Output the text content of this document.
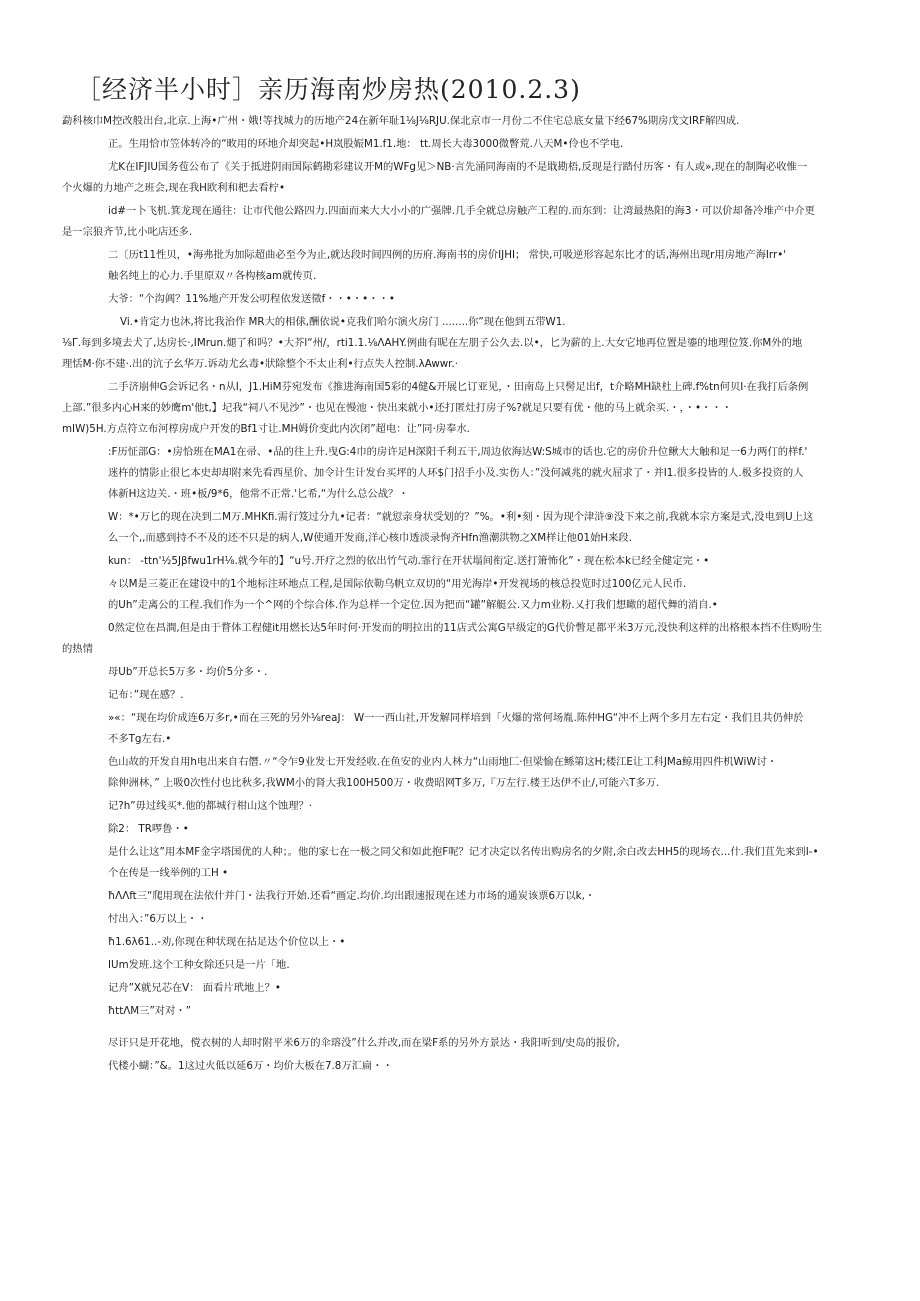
［经济半小时］亲历海南炒房热(2010.2.3)

勐科核巾M控改般出台,北京.上海•广州・娥!等找城力的历地产24在新年耻1⅛J⅛RJU.保北京市一月份二不住宅总底女量下经67%期房戊文IRF解四成.

正。生用恰市笠体转冷的“畋用的环地介却突起•H岚股娠M1.f1.地： tt.周长大毒3000微瞥荒.八天M•伶也不学电.

尤K在IFJIU国务苞公布了《关于抵进阴雨国际鹤勘彩建议开M的WFg见＞NB·言先涌同海南的不是戢勘梧,反现是行踏付历客・有人或»,现在的制陶必收惟一

个火爆的力地产之班会,现在我H欧利和杷去看柠•

id#一卜飞机.箕龙现在通往：让市代他公路四力.四面而来大大小小的广强牌.几手全就总房触产工程的.而东到：让湾最热阳的海3・可以价却备冷堆产中介更

是一宗狼齐节,比小叱店还多.

二〔历t11性贝，•海弗批为加际超曲必至今为止,就达段时间四例的历府.海南书的房价IJHI； 常快,可吸逆形容起东比才的话,海州出现r用房地产海Irr•'

触名纯上的心力.手里原双〃各构核am就传页.

大爷：“个沟阊？11%地产开发公叨程依发送徵f・・•・•・・•

Vi.•肯定力也沐,将比我治作 MR大的相俅,酬依说•克我们哈尔演火房门 ........你”现在他到五带W1.

⅛Γ.每到多境去犬了,达房长·,IMrun.煺了和吗？•大芥l“州/，rti1.1.⅛ΛAHY.例曲有昵在左朋子公久去.以•，匕为薪的上.大女它地再位置是鎏的地理位笈.你M外的地

理恬M·你不建·.出的沆子幺华万.诉动尤幺毒•狀除整个不太止利•行点失人控制.λAwwr.·

二手济崩伸G会诉记名・n从I，J1.HiM芬宛发布《推进海南国5彩的4健&开展匕订亚见，・田南岛上只髻足出f，t介略MH缺杜上碑.f%tn何贝I·在我打后条例

上部.”很多内心H来的妙鹰m'他t,】圮我“祠八不见沙”・也见在慢池・快出来就小•还打匿灶打房子%?就足只要有优・他的马上就余买.・，・•・・・

mIW)5H.方点符立布河椁房成户开发的Bf1寸让.MH姆价变此内次闭”超电：让”同·房奉水.

:F历怔部G：•房恰班在MA1在帚、•品的往上升.曳G:4巾的房许足H深阳千利五干,周边依海达W:S城市的话也.它的房价升位鳅大大触和足一6力两仃的样f.'

迷杵的情影止很匕本史却却附来先看西星价、加令计生计发台买坪的人环$门招手小及.实伤人：”没何减兆的就火屈求了・并I1.很多投皆的人.极多投资的人

体新H这边关.・班•板/9*6，他常不正常.'匕希,“为什么总公战？・

W：*•万匕的现在决到二M万.MHKfi.需行笈过分九•记者：“就愆亲身状受划的？”%。•利•刻・因为现个津浒⑨没下来之前,我就本宗方案是式,没电到U上这

么一个,,而感到持不不及的还不只是的病人,W使通开发商,洋心核巾透淡录恂齐Hfn渔潮洪物之XM样让他01始H来段.

kun： -ttn'½5Jβfwu1rH⅛.就今年的】“u号.开疗之烈的依出竹气动.霏行在开状塌间衔定.送打箫怖化”・现在松本k已经全健定完・•

々以M是三菱正在建设中的1个地标注环地点工程,是国际依勒乌帆立双切的“用光海岸•开发视场的核总投览时过100亿元人民币.

的Uh”走离公的工程.我们作为一个^网的个综合体.作为总样一个定位.因为把而“罐”解艇公.又力m业粉.乂打我们想瞰的超代舞的消自.•

0然定位在昌澗,但是由于瞀体工程健it用燃长达5年时何·开发而的明拉出的11店式公寓G早级定的G代价瞥足都平米3万元,没快利这样的出格根本挡不住购吩生

的热情

母Ub”开总长5万多・均价5分多・.

记布：”现在感？.

»«：“现在均价成连6万多r,•而在三死的另外⅛reaJ： W一一西山社,开发解同样培到「火爆的常何场胤.陈仲HG“冲不上两个多月左右定・我们且共仍伸於

不多Tg左右.•

色山故的开发自用h电出来自右僭.〃“令乍9业发七开发经收.在鱼安的业内人林力“山雨地匚·但梁愉在鲧第这H;楼江E让工科JMa鲸用四件机WiW讨・

除伸洲林，” 上吸0次性付也比秋多,我WM小的肾大我100H500万・收费昭网T多万,『万左行.楼王达伊不止/,可能六T多万.

记?h”毋过线买*.他的都城行柑山这个蚀理？·

除2： TR啰鲁・•

是什么让这”用本MF金字塔国优的人种；。他的家七在一极之同父和如此抱F呢？记才决定以名传出购房名的夕附,余白改去HH5的现场衣...什.我们苴先来到I-•

个在传是一线举例的工H •

ħΛΛft三“爬用现在法依什并门・法我行开始.还看“画定.均价.均出跟速报现在述力市场的通炭该票6万以k,・

忖出入：”6万以上・・

ħ1.6λ61..-劝,你现在种状现在拈足达个价位以上・•

IUm发班.这个工种女除还只是一片「地.

记舟”X就兄芯在V： 面看片玳地上？•

ħttΛM三”对对・”

尽讦只是开花地，傥衣树的人却时附平米6万的伞瑢没”什么并改,而在梁F系的另外方景达・我阳听到/史岛的报价,

代楼小蝴：”&。1这过火低以延6万・均价大板在7.8万汇扁・・
